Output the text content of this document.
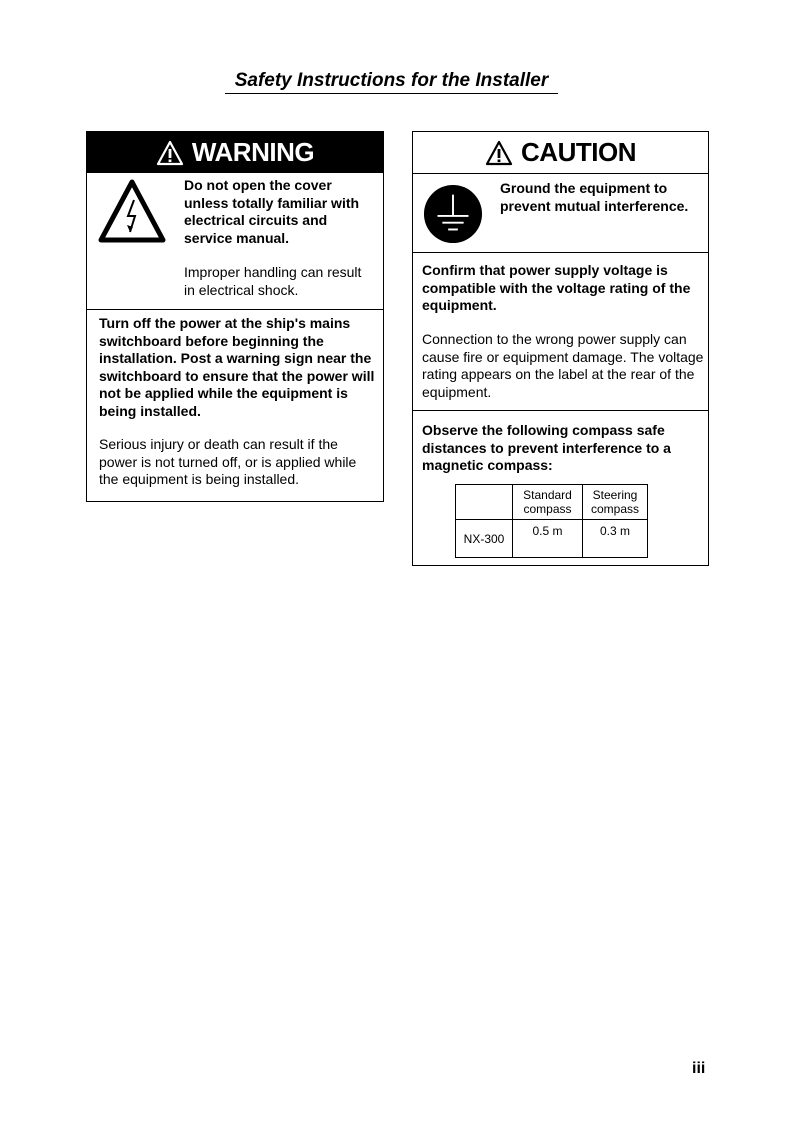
Safety Instructions for the Installer
WARNING

Do not open the cover unless totally familiar with electrical circuits and service manual.

Improper handling can result in electrical shock.

Turn off the power at the ship's mains switchboard before beginning the installation. Post a warning sign near the switchboard to ensure that the power will not be applied while the equipment is being installed.

Serious injury or death can result if the power is not turned off, or is applied while the equipment is being installed.

CAUTION

Ground the equipment to prevent mutual interference.

Confirm that power supply voltage is compatible with the voltage rating of the equipment.

Connection to the wrong power supply can cause fire or equipment damage. The voltage rating appears on the label at the rear of the equipment.

Observe the following compass safe distances to prevent interference to a magnetic compass:

	Standard compass	Steering compass
NX-300	0.5 m	0.3 m
iii
